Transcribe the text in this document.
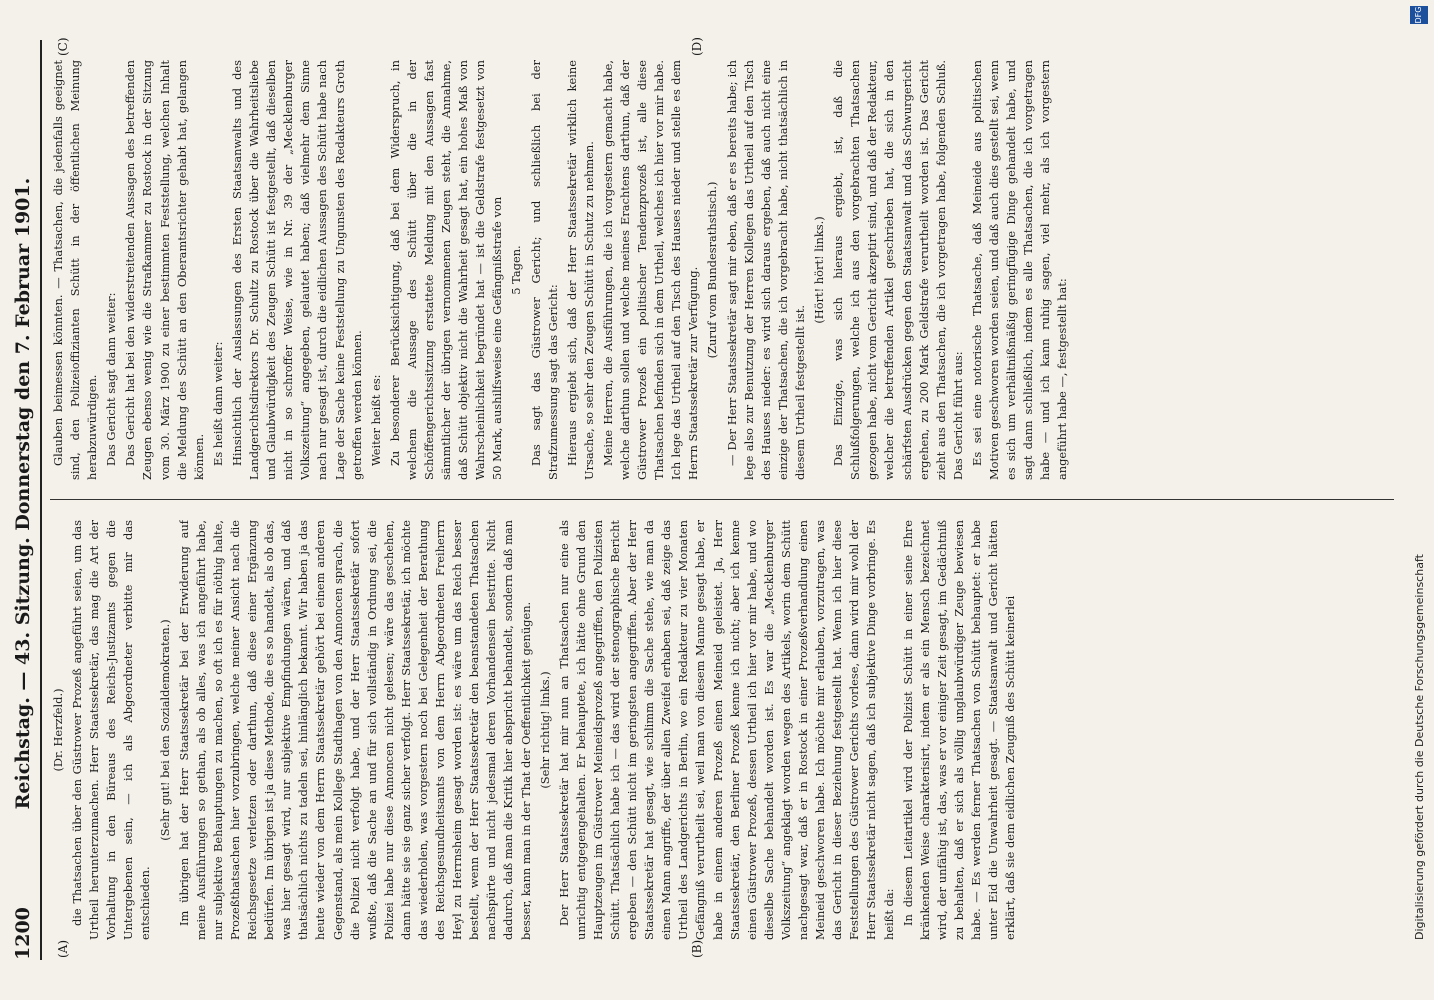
DFG
Digitalisierung gefördert durch die Deutsche Forschungsgemeinschaft
1200
Reichstag. — 43. Sitzung. Donnerstag den 7. Februar 1901.
(A)	(B)
(C)	(D)

(Dr. Herzfeld.) die Thatsachen über den Güstrower Prozeß angeführt seien, um das Urtheil herunterzumachen. Herr Staatssekretär, das mag die Art der Vorhaltung in den Büreaus des Reichs-Justizamts gegen die Untergebenen sein, — ich als Abgeordneter verbitte mir das entschieden.

(Sehr gut! bei den Sozialdemokraten.) Im übrigen hat der Herr Staatssekretär bei der Erwiderung auf meine Ausführungen so gethan, als ob alles, was ich angeführt habe, nur subjektive Behauptungen zu machen, so oft ich es für nöthig halte, Prozeßthatsachen hier vorzubringen, welche meiner Ansicht nach die Reichsgesetze verletzen oder darthun, daß diese einer Ergänzung bedürfen. Im übrigen ist ja diese Methode, die es so handelt, als ob das, was hier gesagt wird, nur subjektive Empfindungen wären, und daß thatsächlich nichts zu tadeln sei, hinlänglich bekannt. Wir haben ja das heute wieder von dem Herrn Staatssekretär gehört bei einem anderen Gegenstand, als mein Kollege Stadthagen von den Annoncen sprach, die die Polizei nicht verfolgt habe, und der Herr Staatssekretär sofort wußte, daß die Sache an und für sich vollständig in Ordnung sei, die Polizei habe nur diese Annoncen nicht gelesen; wäre das geschehen, dann hätte sie sie ganz sicher verfolgt. Herr Staatssekretär, ich möchte das wiederholen, was vorgestern noch bei Gelegenheit der Berathung des Reichsgesundheitsamts von dem Herrn Abgeordneten Freiherrn Heyl zu Herrnsheim gesagt worden ist: es wäre um das Reich besser bestellt, wenn der Herr Staatssekretär den beanstandeten Thatsachen nachspürte und nicht jedesmal deren Vorhandensein bestritte. Nicht dadurch, daß man die Kritik hier abspricht behandelt, sondern daß man besser, kann man in der That der Oeffentlichkeit genügen. (Sehr richtig! links.) Der Herr Staatssekretär hat mir nun an Thatsachen nur eine als unrichtig entgegengehalten. Er behauptete, ich hätte ohne Grund den Hauptzeugen im Güstrower Meineidsprozeß angegriffen, den Polizisten Schütt. Thatsächlich habe ich — das wird der stenographische Bericht ergeben — den Schütt nicht im geringsten angegriffen. Aber der Herr Staatssekretär hat gesagt, wie schlimm die Sache stehe, wie man da einen Mann angriffe, der über allen Zweifel erhaben sei, daß zeige das Urtheil des Landgerichts in Berlin, wo ein Redakteur zu vier Monaten Gefängniß verurtheilt sei, weil man von diesem Manne gesagt habe, er habe in einem anderen Prozeß einen Meineid geleistet. Ja, Herr Staatssekretär, den Berliner Prozeß kenne ich nicht; aber ich kenne einen Güstrower Prozeß, dessen Urtheil ich hier vor mir habe, und wo dieselbe Sache behandelt worden ist. Es war die „Mecklenburger Volkszeitung“ angeklagt worden wegen des Artikels, worin dem Schütt nachgesagt war, daß er in Rostock in einer Prozeßverhandlung einen Meineid geschworen habe. Ich möchte mir erlauben, vorzutragen, was das Gericht in dieser Beziehung festgestellt hat. Wenn ich hier diese Feststellungen des Güstrower Gerichts vorlese, dann wird mir wohl der Herr Staatssekretär nicht sagen, daß ich subjektive Dinge vorbringe. Es heißt da: In diesem Leitartikel wird der Polizist Schütt in einer seine Ehre kränkenden Weise charakterisirt, indem er als ein Mensch bezeichnet wird, der unfähig ist, das, was er vor einiger Zeit gesagt, im Gedächtniß zu behalten, daß er sich als völlig unglaubwürdiger Zeuge bewiesen habe. — Es werden ferner Thatsachen von Schütt behauptet: er habe unter Eid die Unwahrheit gesagt. — Staatsanwalt und Gericht hätten erklärt, daß sie dem eidlichen Zeugniß des Schütt keinerlei

Glauben beimessen könnten. — Thatsachen, die jedenfalls geeignet sind, den Polizeioffizianten Schütt in der öffentlichen Meinung herabzuwürdigen. Das Gericht sagt dann weiter: Das Gericht hat bei den widerstreitenden Aussagen des betreffenden Zeugen ebenso wenig wie die Strafkammer zu Rostock in der Sitzung vom 30. März 1900 zu einer bestimmten Feststellung, welchen Inhalt die Meldung des Schütt an den Oberamtsrichter gehabt hat, gelangen können. Es heißt dann weiter: Hinsichtlich der Auslassungen des Ersten Staatsanwalts und des Landgerichtsdirektors Dr. Schultz zu Rostock über die Wahrheitsliebe und Glaubwürdigkeit des Zeugen Schütt ist festgestellt, daß dieselben nicht in so schroffer Weise, wie in Nr. 39 der „Mecklenburger Volkszeitung“ angegeben, gelautet haben; daß vielmehr dem Sinne nach nur gesagt ist, durch die eidlichen Aussagen des Schütt habe nach Lage der Sache keine Feststellung zu Ungunsten des Redakteurs Groth getroffen werden können. Weiter heißt es: Zu besonderer Berücksichtigung, daß bei dem Widerspruch, in welchem die Aussage des Schütt über die in der Schöffengerichtssitzung erstattete Meldung mit den Aussagen fast sämmtlicher der übrigen vernommenen Zeugen steht, die Annahme, daß Schütt objektiv nicht die Wahrheit gesagt hat, ein hohes Maß von Wahrscheinlichkeit begründet hat — ist die Geldstrafe festgesetzt von 50 Mark, aushilfsweise eine Gefängnißstrafe von 5 Tagen. Das sagt das Güstrower Gericht; und schließlich bei der Strafzumessung sagt das Gericht: Hieraus ergiebt sich, daß der Herr Staatssekretär wirklich keine Ursache, so sehr den Zeugen Schütt in Schutz zu nehmen. Meine Herren, die Ausführungen, die ich vorgestern gemacht habe, welche darthun sollen und welche meines Erachtens darthun, daß der Güstrower Prozeß ein politischer Tendenzprozeß ist, alle diese Thatsachen befinden sich in dem Urtheil, welches ich hier vor mir habe. Ich lege das Urtheil auf den Tisch des Hauses nieder und stelle es dem Herrn Staatssekretär zur Verfügung. (Zuruf vom Bundesrathstisch.) — Der Herr Staatssekretär sagt mir eben, daß er es bereits habe; ich lege also zur Benutzung der Herren Kollegen das Urtheil auf den Tisch des Hauses nieder: es wird sich daraus ergeben, daß auch nicht eine einzige der Thatsachen, die ich vorgebracht habe, nicht thatsächlich in diesem Urtheil festgestellt ist.

(Hört! hört! links.) Das Einzige, was sich hieraus ergiebt, ist, daß die Schlußfolgerungen, welche ich aus den vorgebrachten Thatsachen gezogen habe, nicht vom Gericht akzeptirt sind, und daß der Redakteur, welcher die betreffenden Artikel geschrieben hat, die sich in den schärfsten Ausdrücken gegen den Staatsanwalt und das Schwurgericht ergehen, zu 200 Mark Geldstrafe verurtheilt worden ist. Das Gericht zieht aus den Thatsachen, die ich vorgetragen habe, folgenden Schluß. Das Gericht führt aus: Es sei eine notorische Thatsache, daß Meineide aus politischen Motiven geschworen worden seien, und daß auch dies gestellt sei, wenn es sich um verhältnißmäßig geringfügige Dinge gehandelt habe, und sagt dann schließlich, indem es alle Thatsachen, die ich vorgetragen habe — und ich kann ruhig sagen, viel mehr, als ich vorgestern angeführt habe —, festgestellt hat:
